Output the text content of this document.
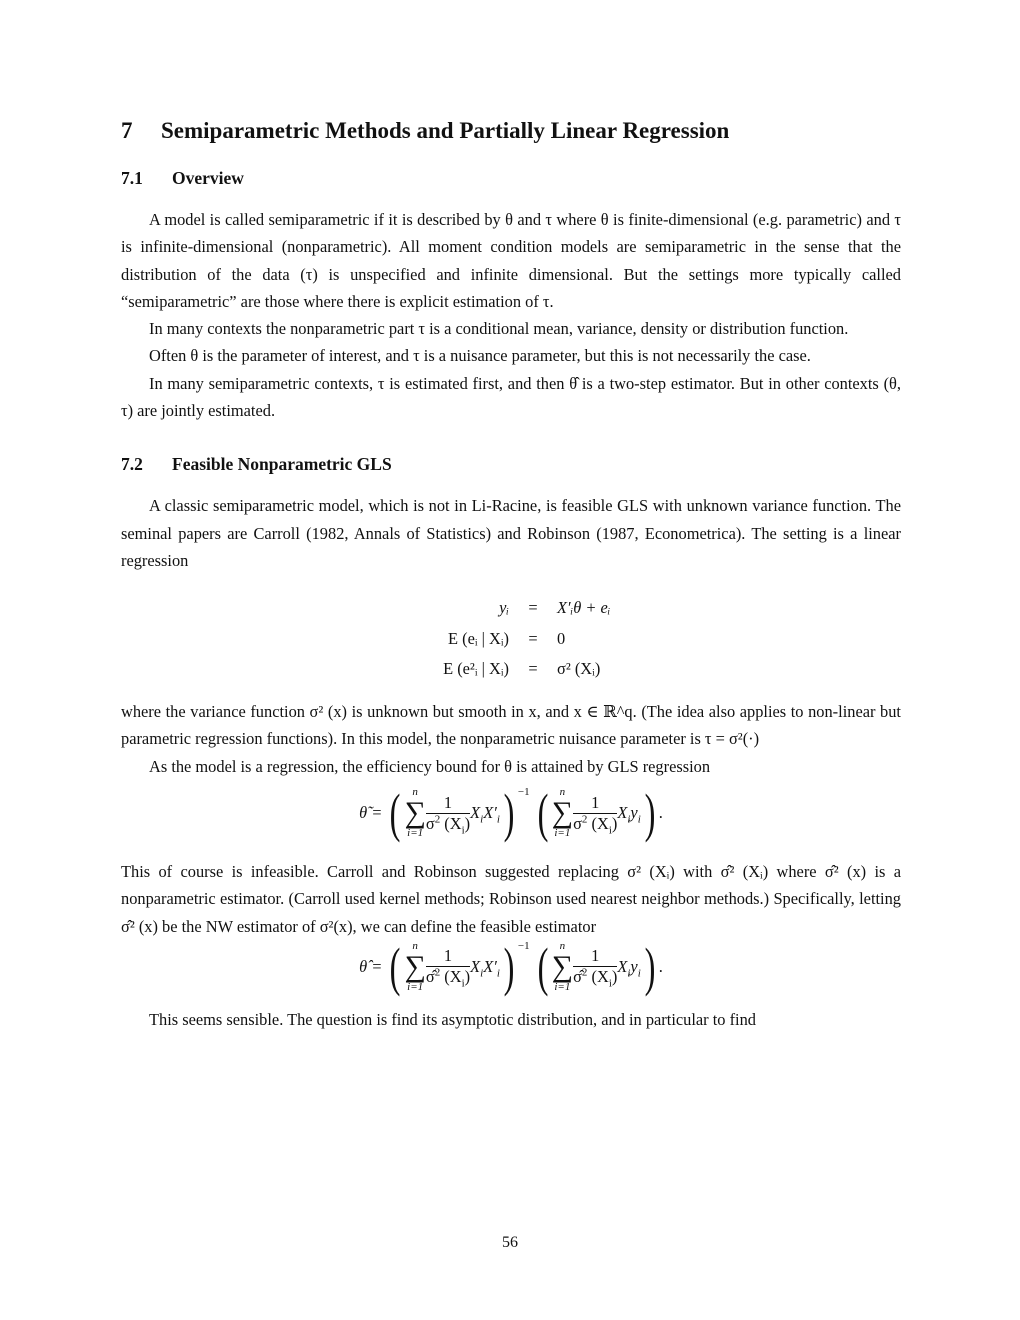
7 Semiparametric Methods and Partially Linear Regression
7.1 Overview

A model is called semiparametric if it is described by θ and τ where θ is finite-dimensional (e.g. parametric) and τ is infinite-dimensional (nonparametric). All moment condition models are semiparametric in the sense that the distribution of the data (τ) is unspecified and infinite dimensional. But the settings more typically called “semiparametric” are those where there is explicit estimation of τ.

In many contexts the nonparametric part τ is a conditional mean, variance, density or distribution function.

Often θ is the parameter of interest, and τ is a nuisance parameter, but this is not necessarily the case.

In many semiparametric contexts, τ is estimated first, and then θ̂ is a two-step estimator. But in other contexts (θ, τ) are jointly estimated.

7.2 Feasible Nonparametric GLS

A classic semiparametric model, which is not in Li-Racine, is feasible GLS with unknown variance function. The seminal papers are Carroll (1982, Annals of Statistics) and Robinson (1987, Econometrica). The setting is a linear regression

yᵢ	=	X′ᵢθ + eᵢ
E (eᵢ | Xᵢ)	=	0
E (e²ᵢ | Xᵢ)	=	σ² (Xᵢ)

where the variance function σ² (x) is unknown but smooth in x, and x ∈ ℝ^q. (The idea also applies to non-linear but parametric regression functions). In this model, the nonparametric nuisance parameter is τ = σ²(·)

As the model is a regression, the efficiency bound for θ is attained by GLS regression

θ̃ = (	n
∑
$i=1 \frac{1}{\sigma^2 (X_i)} X_iX'_i$) $^{-1}$ (	n
∑
$i=1 \frac{1}{\sigma^2 (X_i)} X_iy_i$) .

This of course is infeasible. Carroll and Robinson suggested replacing σ² (Xᵢ) with σ̂² (Xᵢ) where σ̂² (x) is a nonparametric estimator. (Carroll used kernel methods; Robinson used nearest neighbor methods.) Specifically, letting σ̂² (x) be the NW estimator of σ²(x), we can define the feasible estimator

θ̂ = (	n
∑
$i=1 \frac{1}{\sigmâ^2 (X_i)} X_iX'_i$) $^{-1}$ (	n
∑
$i=1 \frac{1}{\sigmâ^2 (X_i)} X_iy_i$) .

This seems sensible. The question is find its asymptotic distribution, and in particular to find

56
